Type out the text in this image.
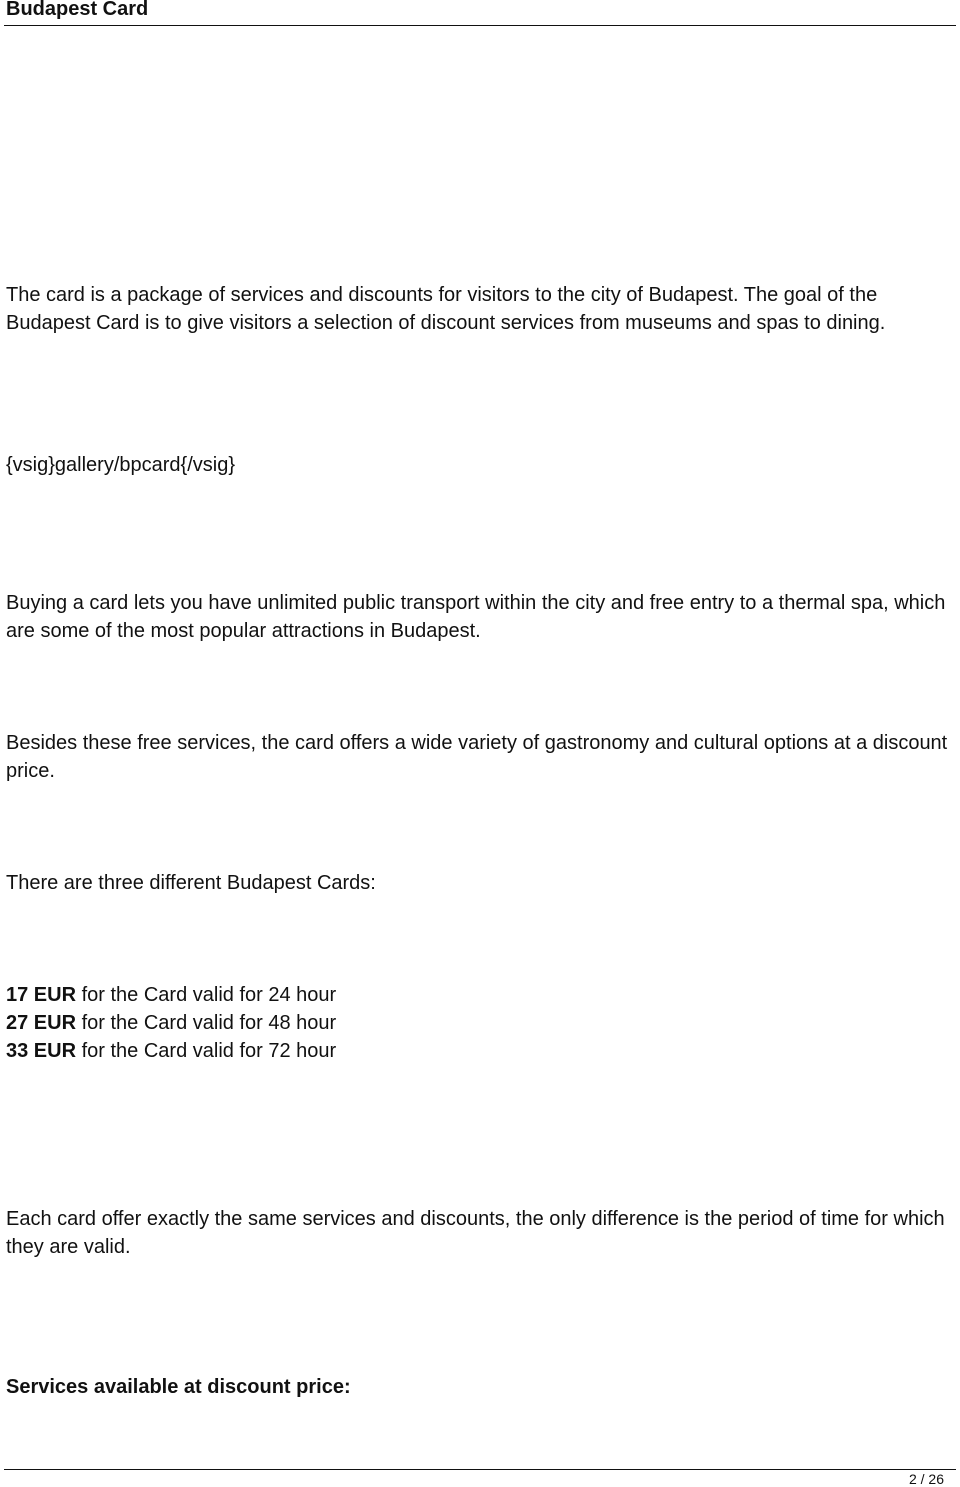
Budapest Card

The card is a package of services and discounts for visitors to the city of Budapest. The goal of the Budapest Card is to give visitors a selection of discount services from museums and spas to dining.

{vsig}gallery/bpcard{/vsig}

Buying a card lets you have unlimited public transport within the city and free entry to a thermal spa, which are some of the most popular attractions in Budapest.

Besides these free services, the card offers a wide variety of gastronomy and cultural options at a discount price.

There are three different Budapest Cards:

17 EUR for the Card valid for 24 hour
27 EUR for the Card valid for 48 hour
33 EUR for the Card valid for 72 hour

Each card offer exactly the same services and discounts, the only difference is the period of time for which they are valid.

Services available at discount price:

2 / 26
